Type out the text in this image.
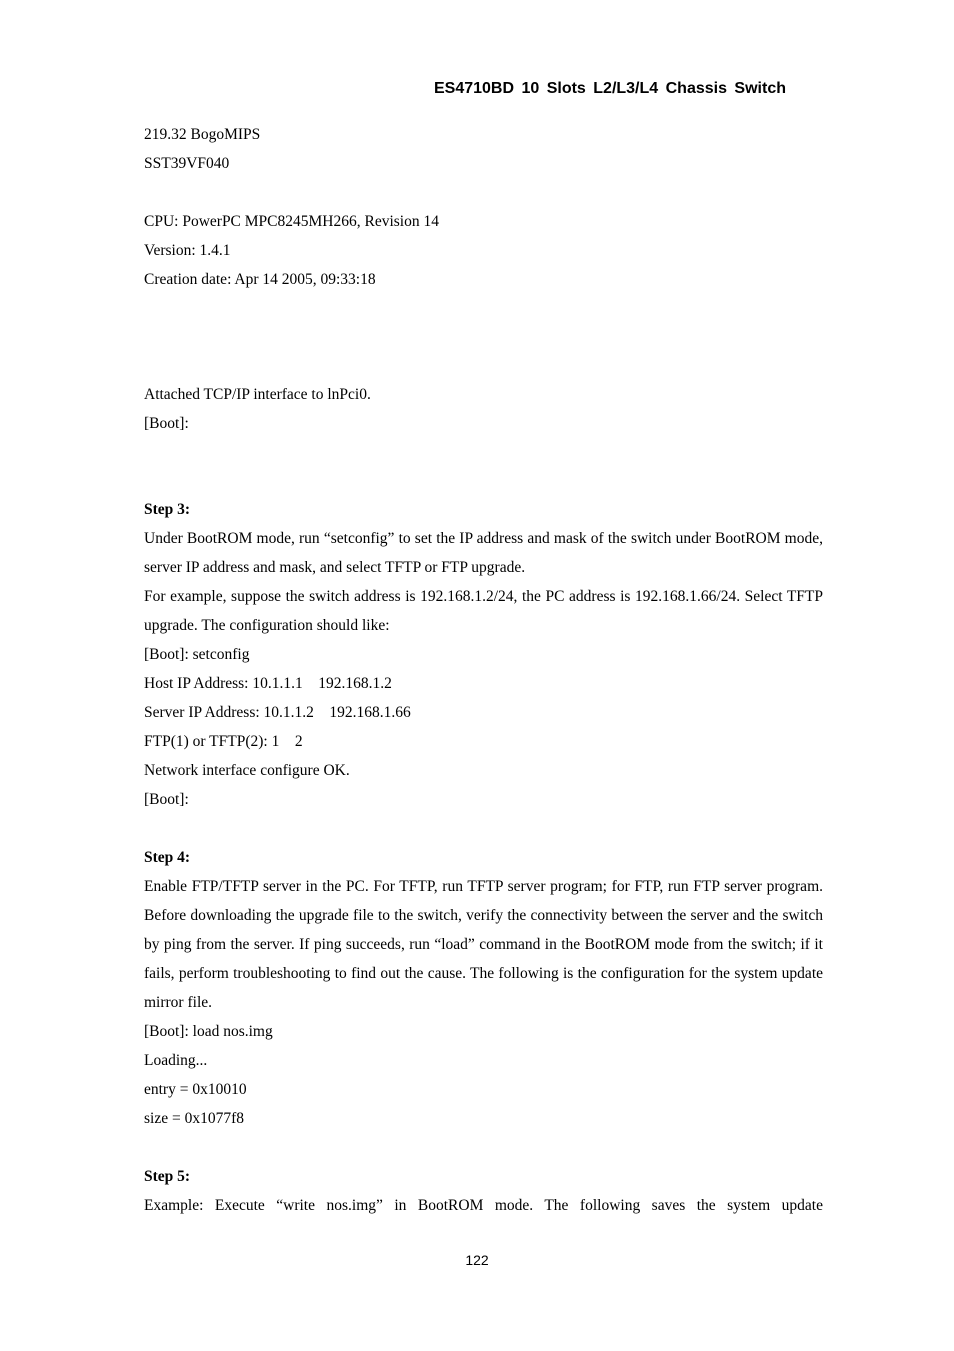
ES4710BD 10 Slots L2/L3/L4 Chassis Switch

219.32 BogoMIPS

SST39VF040

CPU: PowerPC MPC8245MH266, Revision 14

Version: 1.4.1

Creation date: Apr 14 2005, 09:33:18

Attached TCP/IP interface to lnPci0.

[Boot]:

Step 3:

Under BootROM mode, run “setconfig” to set the IP address and mask of the switch under BootROM mode, server IP address and mask, and select TFTP or FTP upgrade.

For example, suppose the switch address is 192.168.1.2/24, the PC address is 192.168.1.66/24. Select TFTP upgrade. The configuration should like:

[Boot]: setconfig

Host IP Address: 10.1.1.1    192.168.1.2

Server IP Address: 10.1.1.2    192.168.1.66

FTP(1) or TFTP(2): 1    2

Network interface configure OK.

[Boot]:

Step 4:

Enable FTP/TFTP server in the PC. For TFTP, run TFTP server program; for FTP, run FTP server program. Before downloading the upgrade file to the switch, verify the connectivity between the server and the switch by ping from the server. If ping succeeds, run “load” command in the BootROM mode from the switch; if it fails, perform troubleshooting to find out the cause. The following is the configuration for the system update mirror file.

[Boot]: load nos.img

Loading...

entry = 0x10010

size = 0x1077f8

Step 5:

Example: Execute “write nos.img” in BootROM mode. The following saves the system update

122
